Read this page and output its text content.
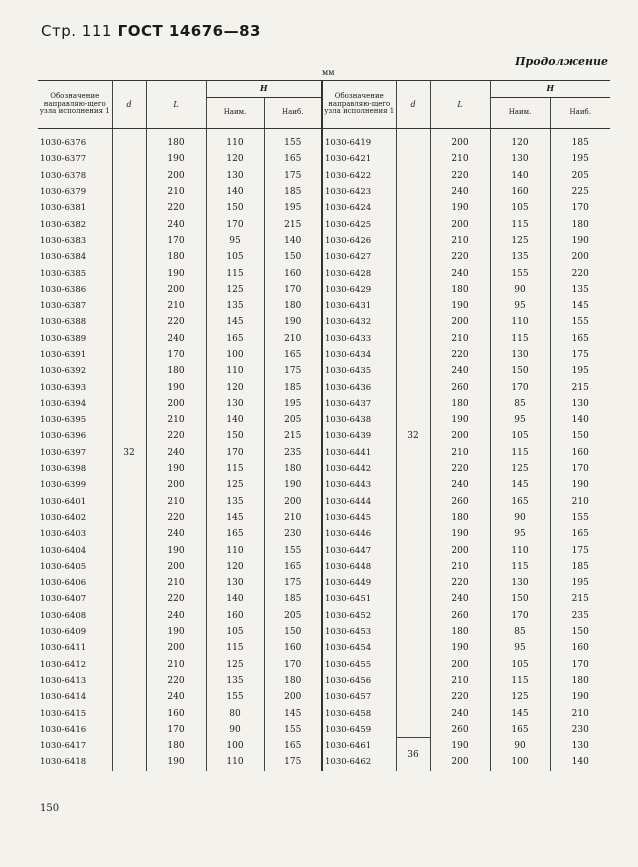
Стр. 111 ГОСТ 14676—83
Продолжение
мм
Обозначение направляю-щего узла исполнения 1	d	L	H		Обозначение направляю-щего узла исполнения 1	d	L	H	
			Наим.	Наиб.				Наим.	Наиб.
1030-6376	32	180	110	155	1030-6419	32	200	120	185
1030-6377		190	120	165	1030-6421		210	130	195
1030-6378		200	130	175	1030-6422		220	140	205
1030-6379		210	140	185	1030-6423		240	160	225
1030-6381		220	150	195	1030-6424		190	105	170
1030-6382		240	170	215	1030-6425		200	115	180
1030-6383		170	95	140	1030-6426		210	125	190
1030-6384		180	105	150	1030-6427		220	135	200
1030-6385		190	115	160	1030-6428		240	155	220
1030-6386		200	125	170	1030-6429		180	90	135
1030-6387		210	135	180	1030-6431		190	95	145
1030-6388		220	145	190	1030-6432		200	110	155
1030-6389		240	165	210	1030-6433		210	115	165
1030-6391		170	100	165	1030-6434		220	130	175
1030-6392		180	110	175	1030-6435		240	150	195
1030-6393		190	120	185	1030-6436		260	170	215
1030-6394		200	130	195	1030-6437		180	85	130
1030-6395		210	140	205	1030-6438		190	95	140
1030-6396		220	150	215	1030-6439		200	105	150
1030-6397		240	170	235	1030-6441		210	115	160
1030-6398		190	115	180	1030-6442		220	125	170
1030-6399		200	125	190	1030-6443		240	145	190
1030-6401		210	135	200	1030-6444		260	165	210
1030-6402		220	145	210	1030-6445		180	90	155
1030-6403		240	165	230	1030-6446		190	95	165
1030-6404		190	110	155	1030-6447		200	110	175
1030-6405		200	120	165	1030-6448		210	115	185
1030-6406		210	130	175	1030-6449		220	130	195
1030-6407		220	140	185	1030-6451		240	150	215
1030-6408		240	160	205	1030-6452		260	170	235
1030-6409		190	105	150	1030-6453		180	85	150
1030-6411		200	115	160	1030-6454		190	95	160
1030-6412		210	125	170	1030-6455		200	105	170
1030-6413		220	135	180	1030-6456		210	115	180
1030-6414		240	155	200	1030-6457		220	125	190
1030-6415		160	80	145	1030-6458		240	145	210
1030-6416		170	90	155	1030-6459		260	165	230
1030-6417		180	100	165	1030-6461	36	190	90	130
1030-6418		190	110	175	1030-6462		200	100	140
150
